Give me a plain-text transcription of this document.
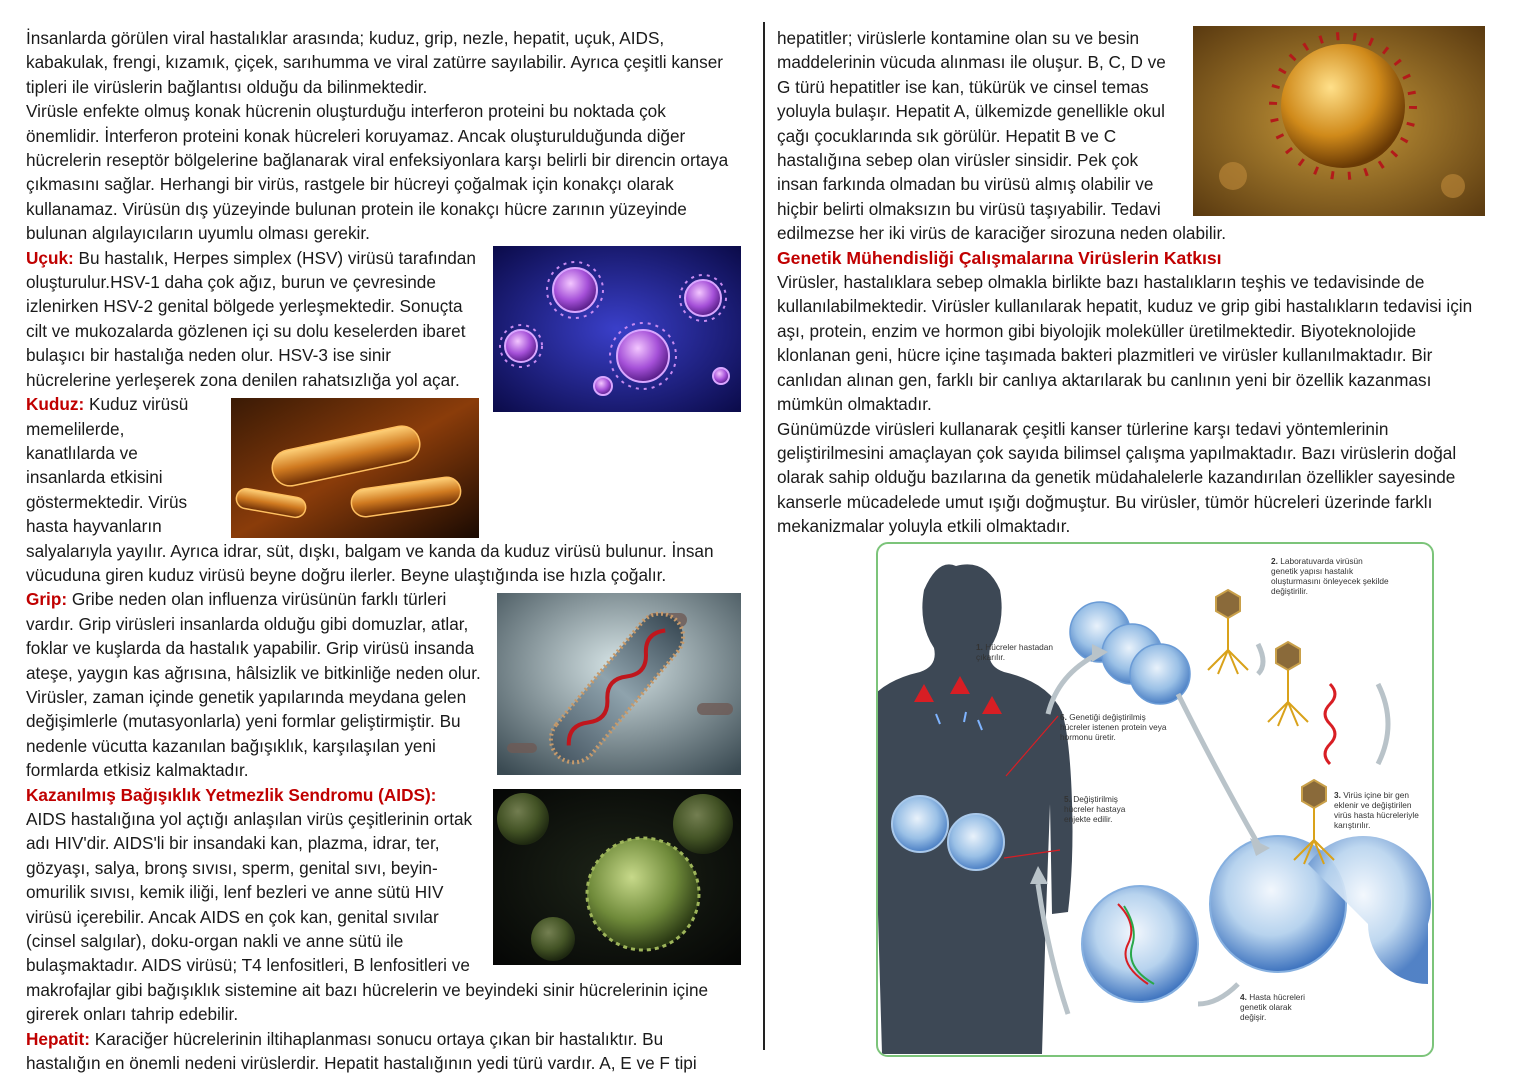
İnsanlarda görülen viral hastalıklar arasında; kuduz, grip, nezle, hepatit, uçuk, AIDS, kabakulak, frengi, kızamık, çiçek, sarıhumma ve viral zatürre sayılabilir. Ayrıca çeşitli kanser tipleri ile virüslerin bağlantısı olduğu da bilinmektedir.

Virüsle enfekte olmuş konak hücrenin oluşturduğu interferon proteini bu noktada çok önemlidir. İnterferon proteini konak hücreleri koruyamaz. Ancak oluşturulduğunda diğer hücrelerin reseptör bölgelerine bağlanarak viral enfeksiyonlara karşı belirli bir direncin ortaya çıkmasını sağlar. Herhangi bir virüs, rastgele bir hücreyi çoğalmak için konakçı olarak kullanamaz. Virüsün dış yüzeyinde bulunan protein ile konakçı hücre zarının yüzeyinde bulunan algılayıcıların uyumlu olması gerekir.

Uçuk: Bu hastalık, Herpes simplex (HSV) virüsü tarafından oluşturulur.HSV-1 daha çok ağız, burun ve çevresinde izlenirken HSV-2 genital bölgede yerleşmektedir. Sonuçta cilt ve mukozalarda gözlenen içi su dolu keselerden ibaret bulaşıcı bir hastalığa neden olur. HSV-3 ise sinir hücrelerine yerleşerek zona denilen rahatsızlığa yol açar.

Kuduz: Kuduz virüsü memelilerde, kanatlılarda ve insanlarda etkisini göstermektedir. Virüs hasta hayvanların salyalarıyla yayılır. Ayrıca idrar, süt, dışkı, balgam ve kanda da kuduz virüsü bulunur. İnsan vücuduna giren kuduz virüsü beyne doğru ilerler. Beyne ulaştığında ise hızla çoğalır.

Grip: Gribe neden olan influenza virüsünün farklı türleri vardır. Grip virüsleri insanlarda olduğu gibi domuzlar, atlar, foklar ve kuşlarda da hastalık yapabilir. Grip virüsü insanda ateşe, yaygın kas ağrısına, hâlsizlik ve bitkinliğe neden olur. Virüsler, zaman içinde genetik yapılarında meydana gelen değişimlerle (mutasyonlarla) yeni formlar geliştirmiştir. Bu nedenle vücutta kazanılan bağışıklık, karşılaşılan yeni formlarda etkisiz kalmaktadır.

Kazanılmış Bağışıklık Yetmezlik Sendromu (AIDS): AIDS hastalığına yol açtığı anlaşılan virüs çeşitlerinin ortak adı HIV'dir. AIDS'li bir insandaki kan, plazma, idrar, ter, gözyaşı, salya, bronş sıvısı, sperm, genital sıvı, beyin-omurilik sıvısı, kemik iliği, lenf bezleri ve anne sütü HIV virüsü içerebilir. Ancak AIDS en çok kan, genital sıvılar (cinsel salgılar), doku-organ nakli ve anne sütü ile bulaşmaktadır. AIDS virüsü; T4 lenfositleri, B lenfositleri ve makrofajlar gibi bağışıklık sistemine ait bazı hücrelerin ve beyindeki sinir hücrelerinin içine girerek onları tahrip edebilir.

Hepatit: Karaciğer hücrelerinin iltihaplanması sonucu ortaya çıkan bir hastalıktır. Bu hastalığın en önemli nedeni virüslerdir. Hepatit hastalığının yedi türü vardır. A, E ve F tipi

hepatitler; virüslerle kontamine olan su ve besin maddelerinin vücuda alınması ile oluşur. B, C, D ve G türü hepatitler ise kan, tükürük ve cinsel temas yoluyla bulaşır. Hepatit A, ülkemizde genellikle okul çağı çocuklarında sık görülür. Hepatit B ve C hastalığına sebep olan virüsler sinsidir. Pek çok insan farkında olmadan bu virüsü almış olabilir ve hiçbir belirti olmaksızın bu virüsü taşıyabilir. Tedavi edilmezse her iki virüs de karaciğer sirozuna neden olabilir.

Genetik Mühendisliği Çalışmalarına Virüslerin Katkısı

Virüsler, hastalıklara sebep olmakla birlikte bazı hastalıkların teşhis ve tedavisinde de kullanılabilmektedir. Virüsler kullanılarak hepatit, kuduz ve grip gibi hastalıkların tedavisi için aşı, protein, enzim ve hormon gibi biyolojik moleküller üretilmektedir. Biyoteknolojide klonlanan geni, hücre içine taşımada bakteri plazmitleri ve virüsler kullanılmaktadır. Bir canlıdan alınan gen, farklı bir canlıya aktarılarak bu canlının yeni bir özellik kazanması mümkün olmaktadır.

Günümüzde virüsleri kullanarak çeşitli kanser türlerine karşı tedavi yöntemlerinin geliştirilmesini amaçlayan çok sayıda bilimsel çalışma yapılmaktadır. Bazı virüslerin doğal olarak sahip olduğu bazılarına da genetik müdahalelerle kazandırılan özellikler sayesinde kanserle mücadelede umut ışığı doğmuştur. Bu virüsler, tümör hücreleri üzerinde farklı mekanizmalar yoluyla etkili olmaktadır.

1. Hücreler hastadan çıkarılır.
2. Laboratuvarda virüsün genetik yapısı hastalık oluşturmasını önleyecek şekilde değiştirilir.
3. Virüs içine bir gen eklenir ve değiştirilen virüs hasta hücreleriyle karıştırılır.
4. Hasta hücreleri genetik olarak değişir.
5. Değiştirilmiş hücreler hastaya enjekte edilir.
6. Genetiği değiştirilmiş hücreler istenen protein veya hormonu üretir.
